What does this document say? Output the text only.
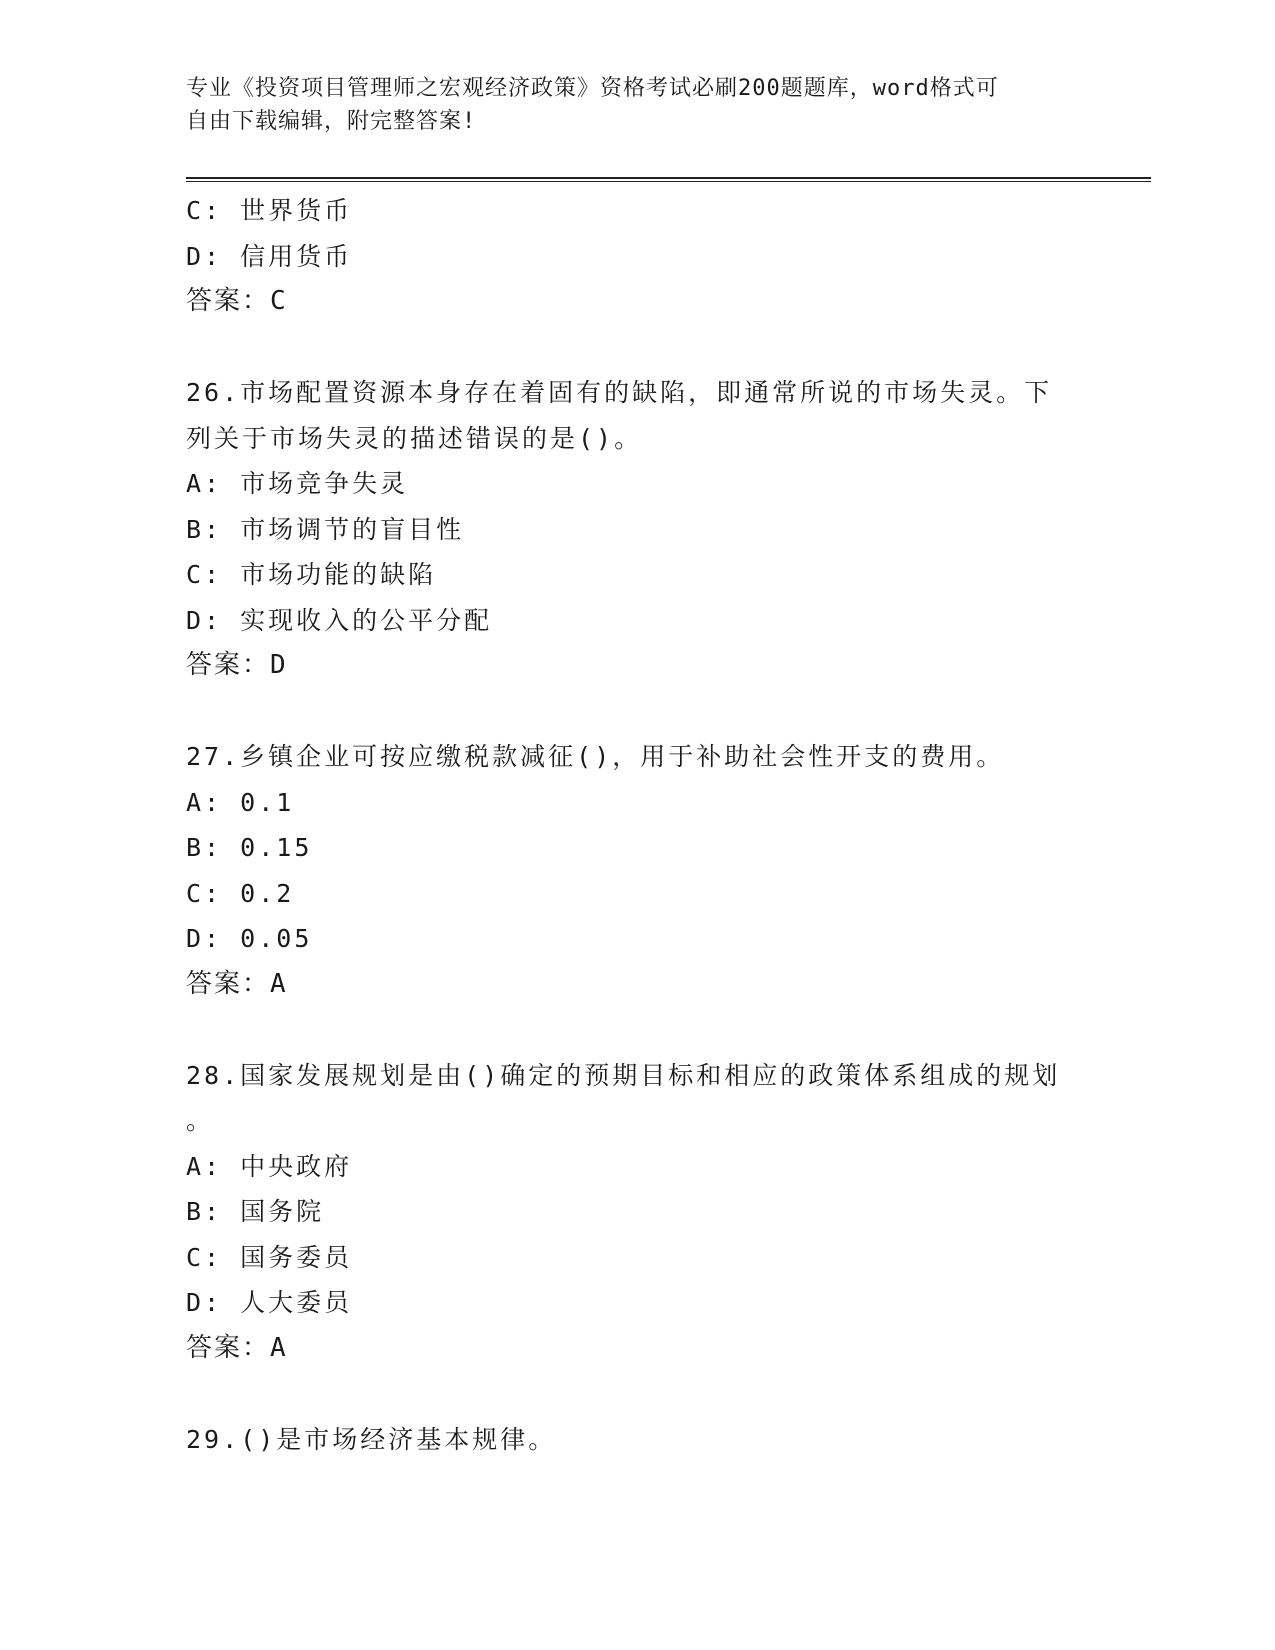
专业《投资项目管理师之宏观经济政策》资格考试必刷200题题库，word格式可
自由下载编辑，附完整答案!
C: 世界货币
D: 信用货币
答案：C
26.市场配置资源本身存在着固有的缺陷，即通常所说的市场失灵。下
列关于市场失灵的描述错误的是()。
A: 市场竞争失灵
B: 市场调节的盲目性
C: 市场功能的缺陷
D: 实现收入的公平分配
答案：D
27.乡镇企业可按应缴税款减征()，用于补助社会性开支的费用。
A: 0.1
B: 0.15
C: 0.2
D: 0.05
答案：A
28.国家发展规划是由()确定的预期目标和相应的政策体系组成的规划
。
A: 中央政府
B: 国务院
C: 国务委员
D: 人大委员
答案：A
29.()是市场经济基本规律。
